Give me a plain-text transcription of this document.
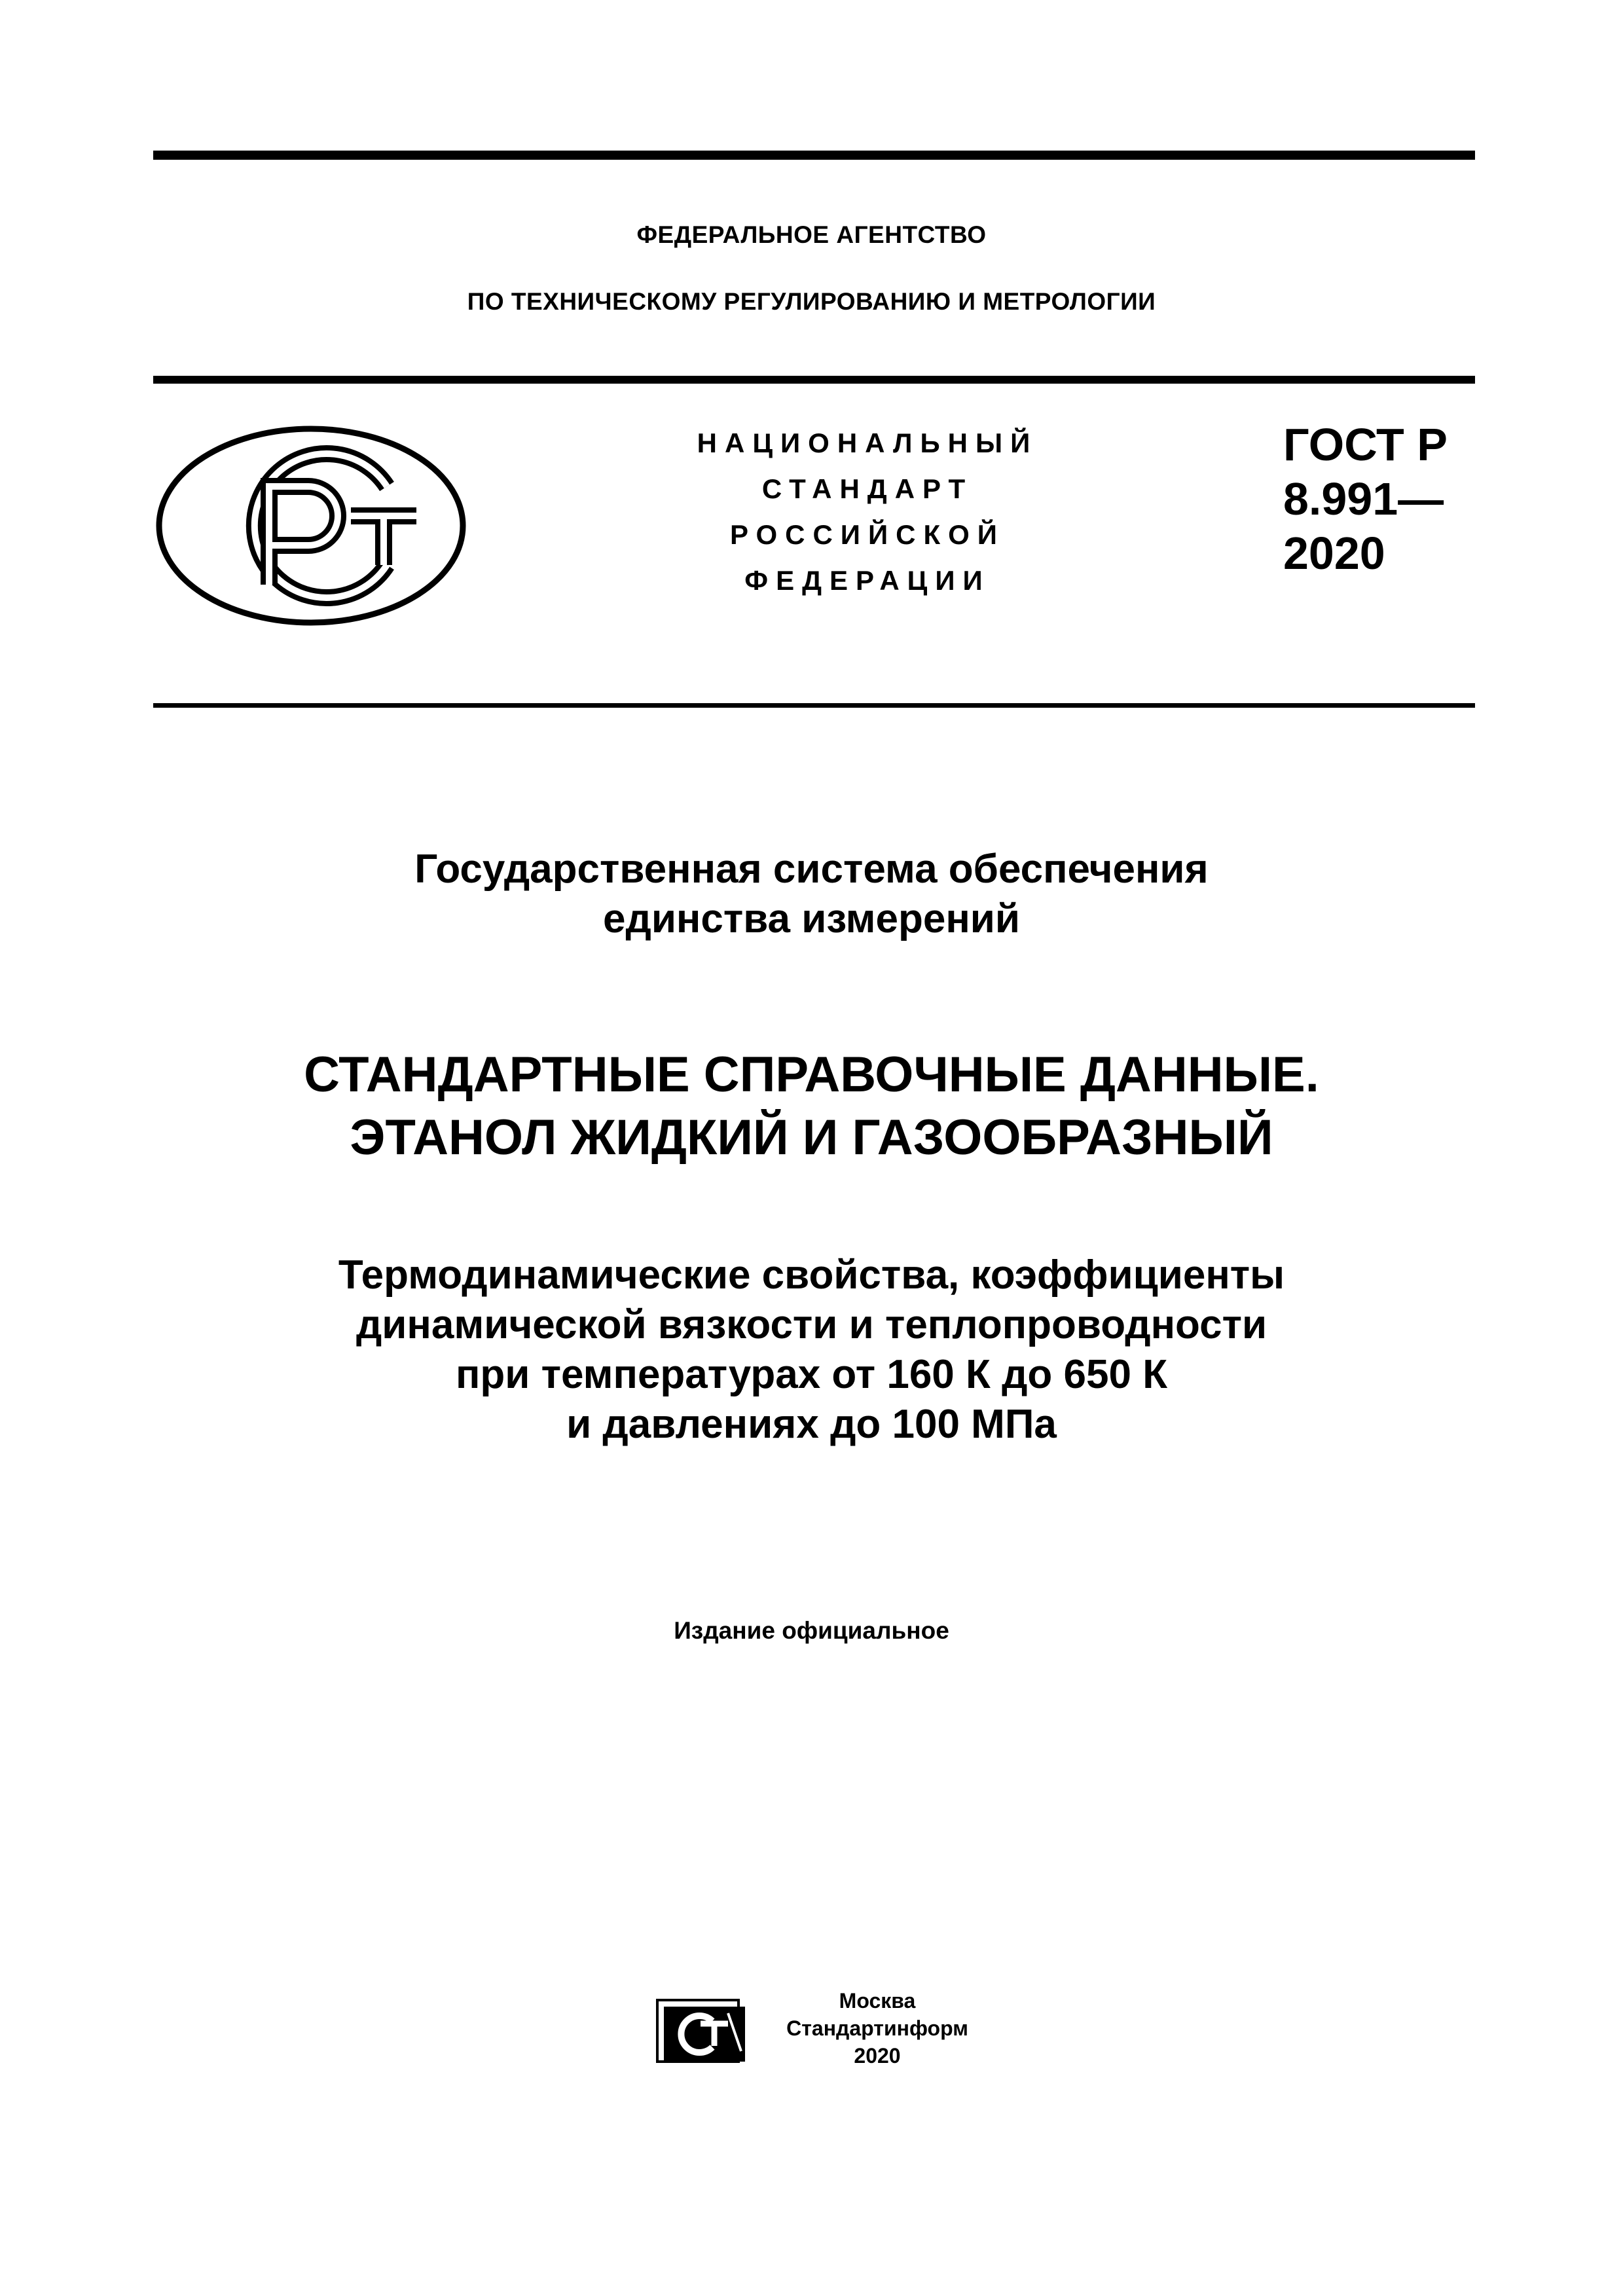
ФЕДЕРАЛЬНОЕ АГЕНТСТВО
ПО ТЕХНИЧЕСКОМУ РЕГУЛИРОВАНИЮ И МЕТРОЛОГИИ
НАЦИОНАЛЬНЫЙ
СТАНДАРТ
РОССИЙСКОЙ
ФЕДЕРАЦИИ
ГОСТ Р
8.991—
2020
Государственная система обеспечения
единства измерений
СТАНДАРТНЫЕ СПРАВОЧНЫЕ ДАННЫЕ.
ЭТАНОЛ ЖИДКИЙ И ГАЗООБРАЗНЫЙ
Термодинамические свойства, коэффициенты
динамической вязкости и теплопроводности
при температурах от 160 К до 650 К
и давлениях до 100 МПа
Издание официальное
Москва
Стандартинформ
2020
